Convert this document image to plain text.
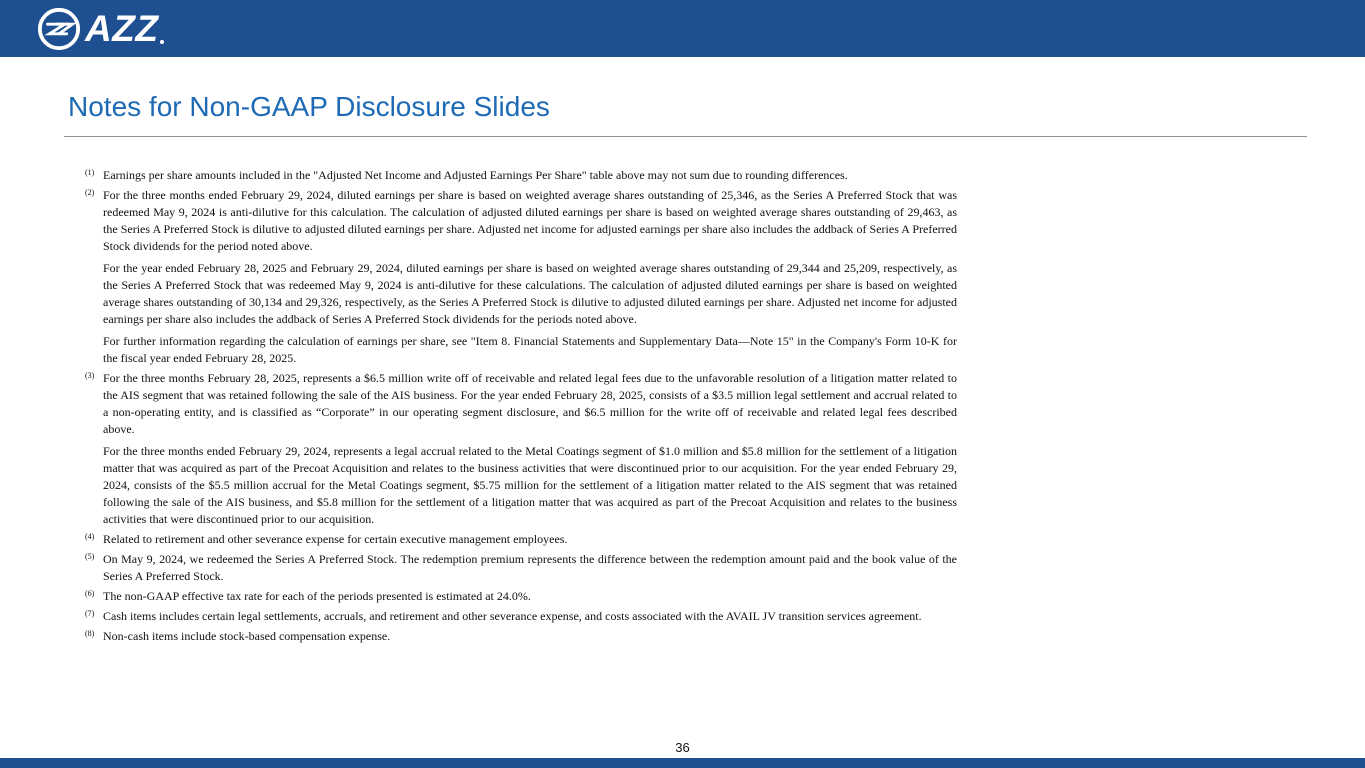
AZZ
Notes for Non-GAAP Disclosure Slides
(1) Earnings per share amounts included in the "Adjusted Net Income and Adjusted Earnings Per Share" table above may not sum due to rounding differences.

(2) For the three months ended February 29, 2024, diluted earnings per share is based on weighted average shares outstanding of 25,346, as the Series A Preferred Stock that was redeemed May 9, 2024 is anti-dilutive for this calculation. The calculation of adjusted diluted earnings per share is based on weighted average shares outstanding of 29,463, as the Series A Preferred Stock is dilutive to adjusted diluted earnings per share. Adjusted net income for adjusted earnings per share also includes the addback of Series A Preferred Stock dividends for the period noted above.

For the year ended February 28, 2025 and February 29, 2024, diluted earnings per share is based on weighted average shares outstanding of 29,344 and 25,209, respectively, as the Series A Preferred Stock that was redeemed May 9, 2024 is anti-dilutive for these calculations. The calculation of adjusted diluted earnings per share is based on weighted average shares outstanding of 30,134 and 29,326, respectively, as the Series A Preferred Stock is dilutive to adjusted diluted earnings per share. Adjusted net income for adjusted earnings per share also includes the addback of Series A Preferred Stock dividends for the periods noted above.

For further information regarding the calculation of earnings per share, see "Item 8. Financial Statements and Supplementary Data—Note 15" in the Company's Form 10-K for the fiscal year ended February 28, 2025.

(3) For the three months February 28, 2025, represents a $6.5 million write off of receivable and related legal fees due to the unfavorable resolution of a litigation matter related to the AIS segment that was retained following the sale of the AIS business. For the year ended February 28, 2025, consists of a $3.5 million legal settlement and accrual related to a non-operating entity, and is classified as “Corporate” in our operating segment disclosure, and $6.5 million for the write off of receivable and related legal fees described above.

For the three months ended February 29, 2024, represents a legal accrual related to the Metal Coatings segment of $1.0 million and $5.8 million for the settlement of a litigation matter that was acquired as part of the Precoat Acquisition and relates to the business activities that were discontinued prior to our acquisition. For the year ended February 29, 2024, consists of the $5.5 million accrual for the Metal Coatings segment, $5.75 million for the settlement of a litigation matter related to the AIS segment that was retained following the sale of the AIS business, and $5.8 million for the settlement of a litigation matter that was acquired as part of the Precoat Acquisition and relates to the business activities that were discontinued prior to our acquisition.

(4) Related to retirement and other severance expense for certain executive management employees.

(5) On May 9, 2024, we redeemed the Series A Preferred Stock. The redemption premium represents the difference between the redemption amount paid and the book value of the Series A Preferred Stock.

(6) The non-GAAP effective tax rate for each of the periods presented is estimated at 24.0%.

(7) Cash items includes certain legal settlements, accruals, and retirement and other severance expense, and costs associated with the AVAIL JV transition services agreement.

(8) Non-cash items include stock-based compensation expense.

36
